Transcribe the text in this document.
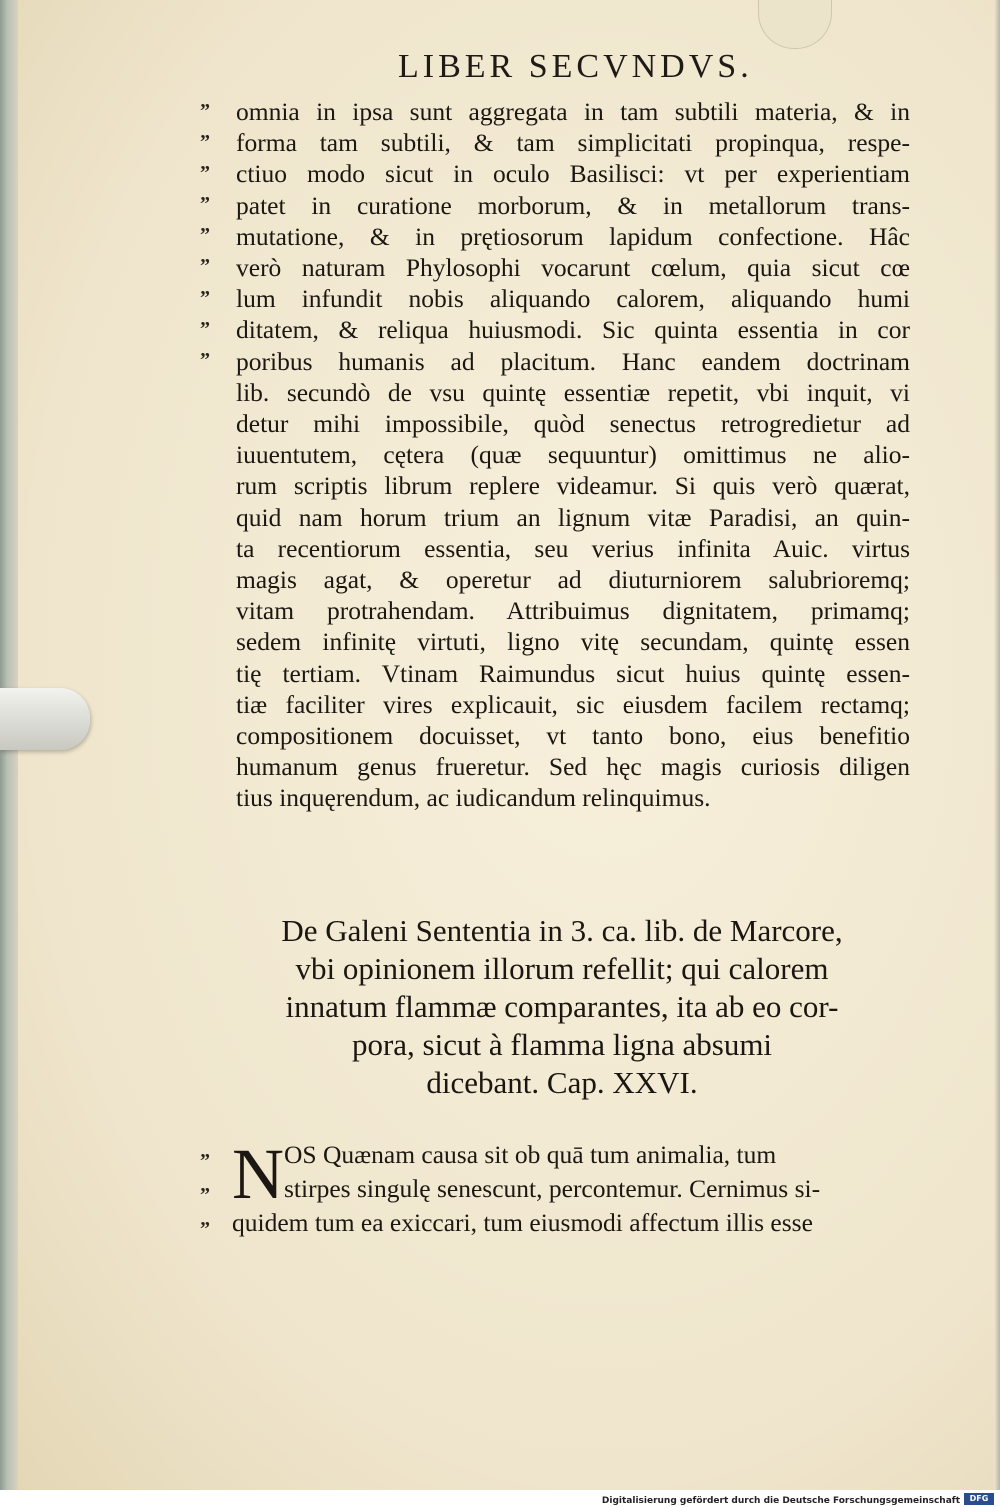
LIBER SECVNDVS.
”
”
”
”
”
”
”
”
”
”
”
”
omnia in ipsa sunt aggregata in tam subtili materia, & in
forma tam subtili, & tam simplicitati propinqua, respe-
ctiuo modo sicut in oculo Basilisci: vt per experientiam
patet in curatione morborum, & in metallorum trans-
mutatione, & in prętiosorum lapidum confectione. Hâc
verò naturam Phylosophi vocarunt cœlum, quia sicut cœ
lum infundit nobis aliquando calorem, aliquando humi
ditatem, & reliqua huiusmodi. Sic quinta essentia in cor
poribus humanis ad placitum. Hanc eandem doctrinam
lib. secundò de vsu quintę essentiæ repetit, vbi inquit, vi
detur mihi impossibile, quòd senectus retrogredietur ad
iuuentutem, cętera (quæ sequuntur) omittimus ne alio-
rum scriptis librum replere videamur. Si quis verò quærat,
quid nam horum trium an lignum vitæ Paradisi, an quin-
ta recentiorum essentia, seu verius infinita Auic. virtus
magis agat, & operetur ad diuturniorem salubrioremq;
vitam protrahendam. Attribuimus dignitatem, primamq;
sedem infinitę virtuti, ligno vitę secundam, quintę essen
tię tertiam. Vtinam Raimundus sicut huius quintę essen-
tiæ faciliter vires explicauit, sic eiusdem facilem rectamq;
compositionem docuisset, vt tanto bono, eius benefitio
humanum genus frueretur. Sed hęc magis curiosis diligen
tius inquęrendum, ac iudicandum relinquimus.
De Galeni Sententia in 3. ca. lib. de Marcore,
vbi opinionem illorum refellit; qui calorem
innatum flammæ comparantes, ita ab eo cor-
pora, sicut à flamma ligna absumi
dicebant. Cap. XXVI.
N OS Quænam causa sit ob quā tum animalia, tum
stirpes singulę senescunt, percontemur. Cernimus si-
quidem tum ea exiccari, tum eiusmodi affectum illis esse
Digitalisierung gefördert durch die Deutsche Forschungsgemeinschaft	DFG
